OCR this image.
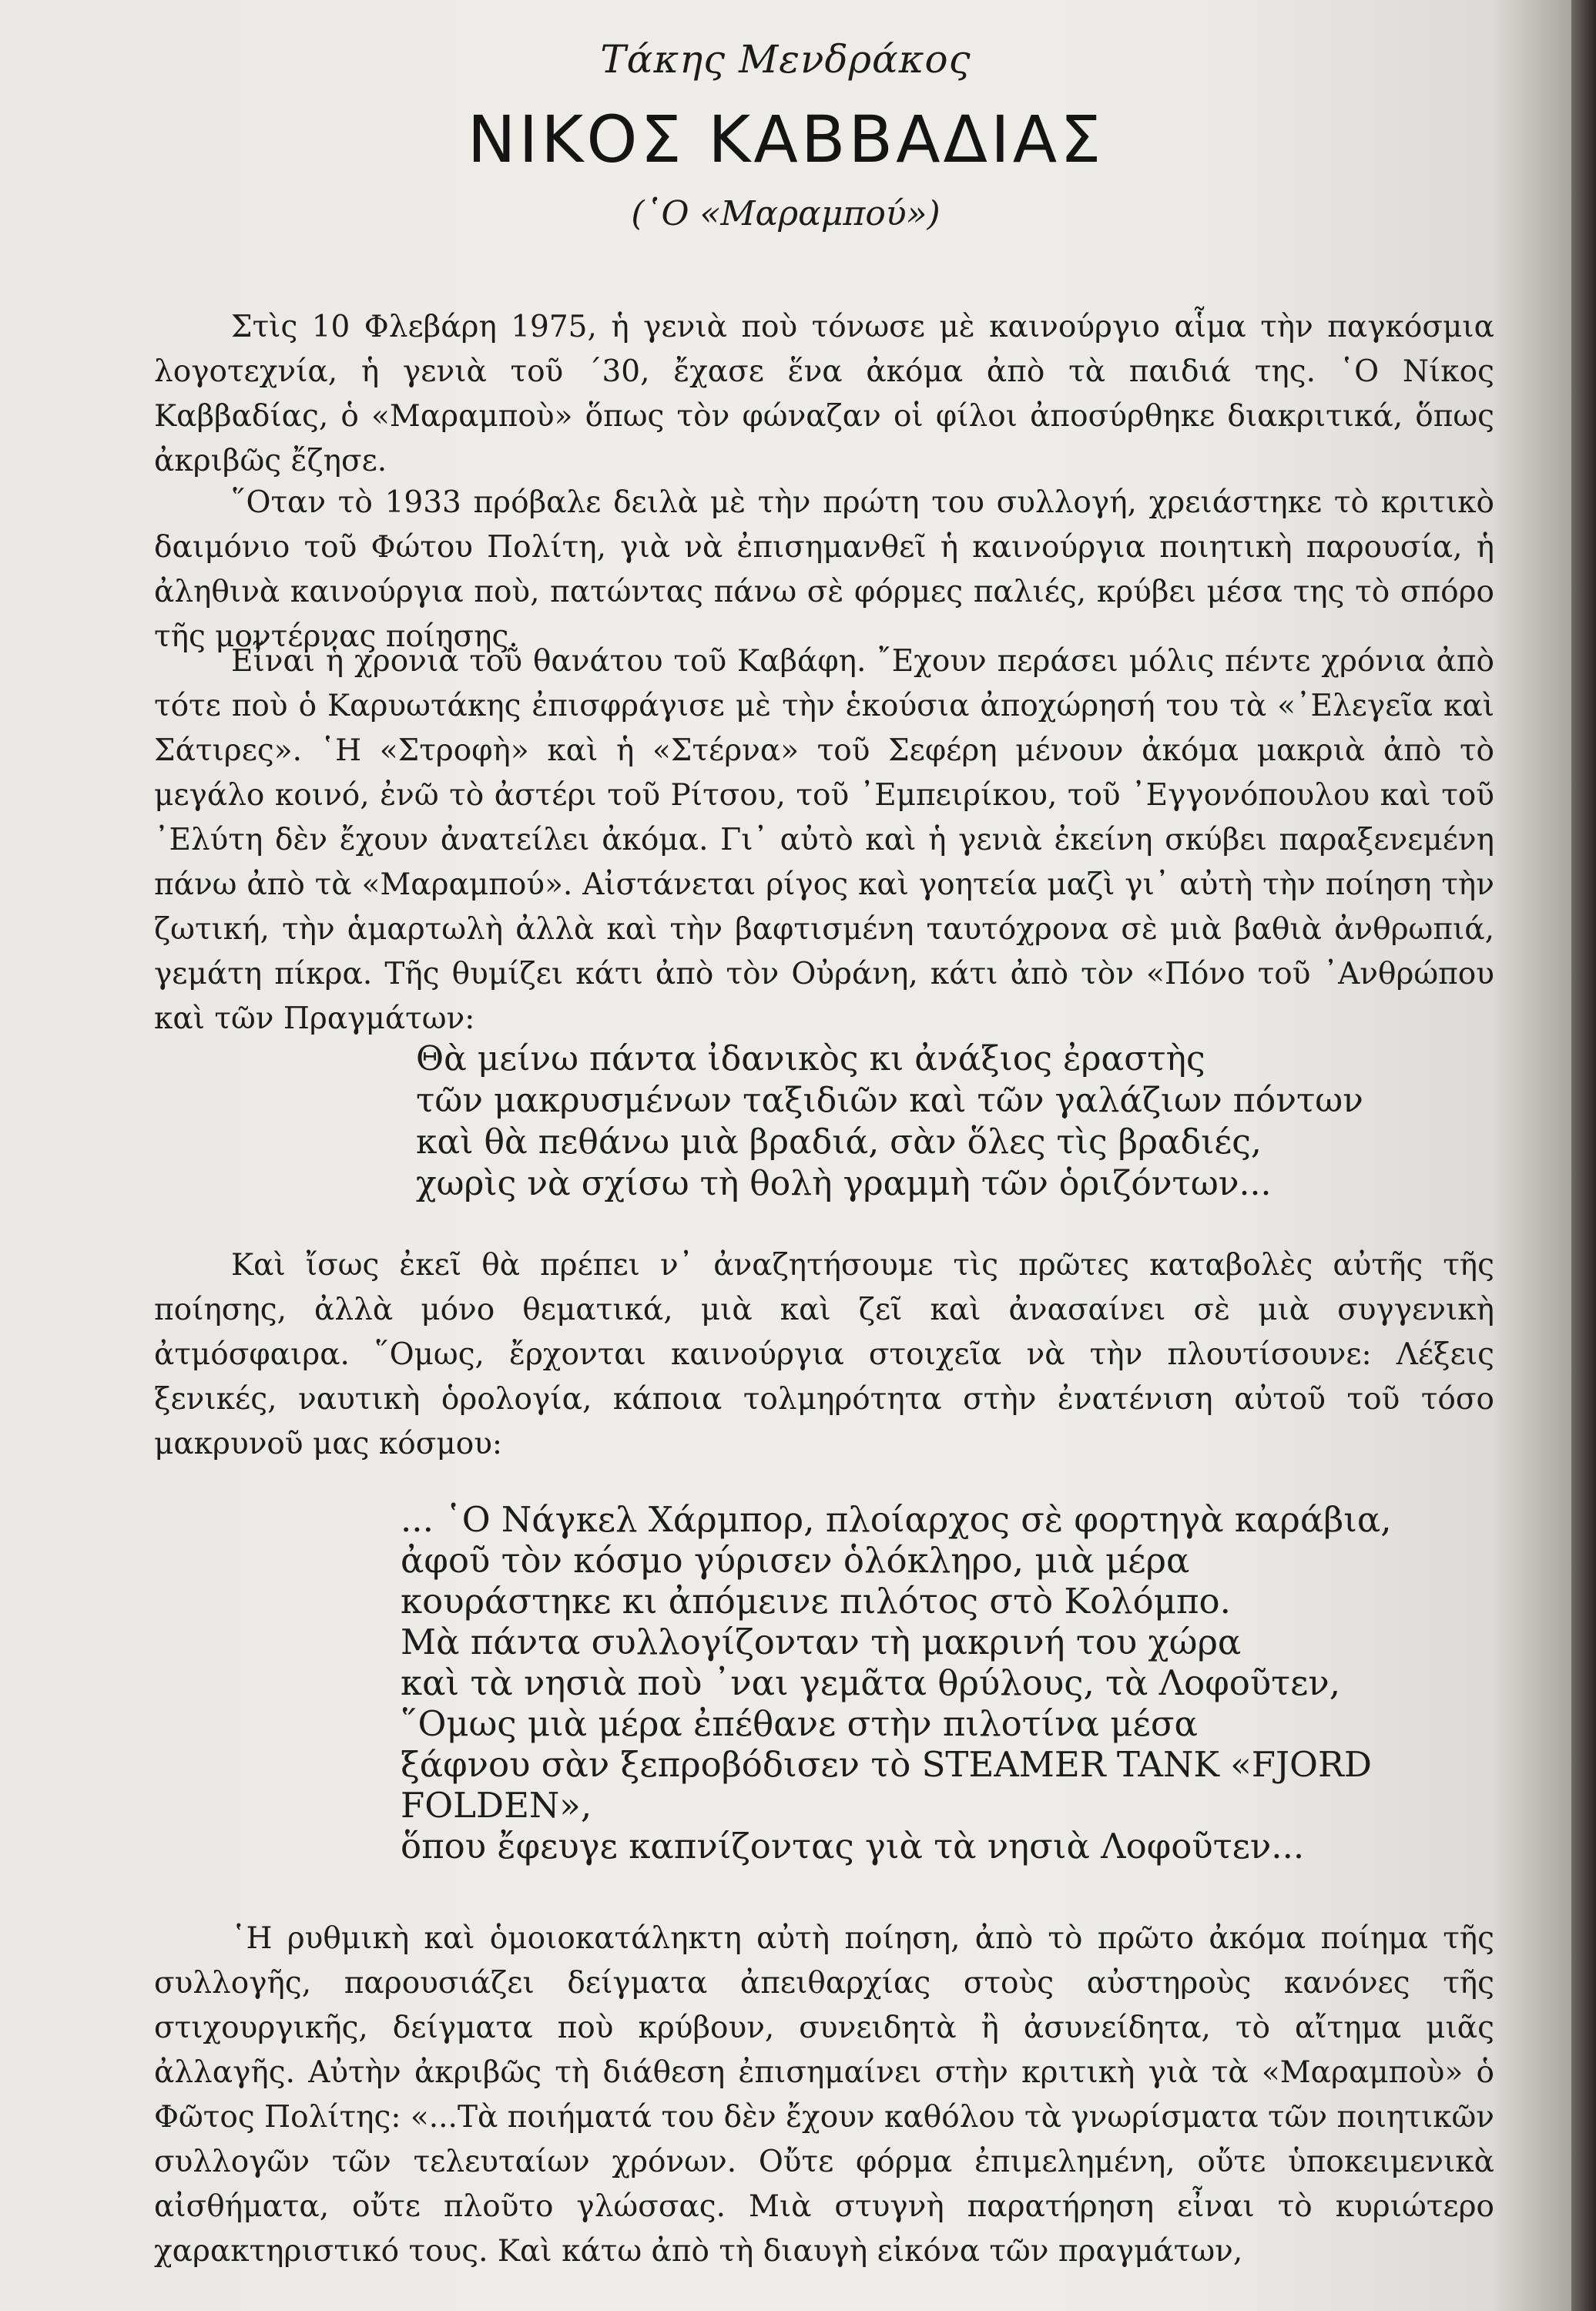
Τάκης Μενδράκος
ΝΙΚΟΣ ΚΑΒΒΑΔΙΑΣ
(῾Ο «Μαραμπού»)

Στὶς 10 Φλεβάρη 1975, ἡ γενιὰ ποὺ τόνωσε μὲ καινούργιο αἷμα τὴν παγκόσμια λογοτεχνία, ἡ γενιὰ τοῦ ΄30, ἔχασε ἕνα ἀκόμα ἀπὸ τὰ παιδιά της. ῾Ο Νίκος Καββαδίας, ὁ «Μαραμποὺ» ὅπως τὸν φώναζαν οἱ φίλοι ἀποσύρθηκε διακριτικά, ὅπως ἀκριβῶς ἔζησε.

῞Οταν τὸ 1933 πρόβαλε δειλὰ μὲ τὴν πρώτη του συλλογή, χρειάστηκε τὸ κριτικὸ δαιμόνιο τοῦ Φώτου Πολίτη, γιὰ νὰ ἐπισημανθεῖ ἡ καινούργια ποιητικὴ παρουσία, ἡ ἀληθινὰ καινούργια ποὺ, πατώντας πάνω σὲ φόρμες παλιές, κρύβει μέσα της τὸ σπόρο τῆς μοντέρνας ποίησης.

Εἶναι ἡ χρονιὰ τοῦ θανάτου τοῦ Καβάφη. ῎Εχουν περάσει μόλις πέντε χρόνια ἀπὸ τότε ποὺ ὁ Καρυωτάκης ἐπισφράγισε μὲ τὴν ἑκούσια ἀποχώρησή του τὰ «᾿Ελεγεῖα καὶ Σάτιρες». ῾Η «Στροφὴ» καὶ ἡ «Στέρνα» τοῦ Σεφέρη μένουν ἀκόμα μακριὰ ἀπὸ τὸ μεγάλο κοινό, ἐνῶ τὸ ἀστέρι τοῦ Ρίτσου, τοῦ ᾿Εμπειρίκου, τοῦ ᾿Εγγονόπουλου καὶ τοῦ ᾿Ελύτη δὲν ἔχουν ἀνατείλει ἀκόμα. Γι᾿ αὐτὸ καὶ ἡ γενιὰ ἐκείνη σκύβει παραξενεμένη πάνω ἀπὸ τὰ «Μαραμπού». Αἰστάνεται ρίγος καὶ γοητεία μαζὶ γι᾿ αὐτὴ τὴν ποίηση τὴν ζωτική, τὴν ἁμαρτωλὴ ἀλλὰ καὶ τὴν βαφτισμένη ταυτόχρονα σὲ μιὰ βαθιὰ ἀνθρωπιά, γεμάτη πίκρα. Τῆς θυμίζει κάτι ἀπὸ τὸν Οὐράνη, κάτι ἀπὸ τὸν «Πόνο τοῦ ᾿Ανθρώπου καὶ τῶν Πραγμάτων:

Θὰ μείνω πάντα ἰδανικὸς κι ἀνάξιος ἐραστὴς
τῶν μακρυσμένων ταξιδιῶν καὶ τῶν γαλάζιων πόντων
καὶ θὰ πεθάνω μιὰ βραδιά, σὰν ὅλες τὶς βραδιές,
χωρὶς νὰ σχίσω τὴ θολὴ γραμμὴ τῶν ὁριζόντων...

Καὶ ἴσως ἐκεῖ θὰ πρέπει ν᾿ ἀναζητήσουμε τὶς πρῶτες καταβολὲς αὐτῆς τῆς ποίησης, ἀλλὰ μόνο θεματικά, μιὰ καὶ ζεῖ καὶ ἀνασαίνει σὲ μιὰ συγγενικὴ ἀτμόσφαιρα. ῞Ομως, ἔρχονται καινούργια στοιχεῖα νὰ τὴν πλουτίσουνε: Λέξεις ξενικές, ναυτικὴ ὁρολογία, κάποια τολμηρότητα στὴν ἐνατένιση αὐτοῦ τοῦ τόσο μακρυνοῦ μας κόσμου:

... ῾Ο Νάγκελ Χάρμπορ, πλοίαρχος σὲ φορτηγὰ καράβια,
ἀφοῦ τὸν κόσμο γύρισεν ὁλόκληρο, μιὰ μέρα
κουράστηκε κι ἀπόμεινε πιλότος στὸ Κολόμπο.
Μὰ πάντα συλλογίζονταν τὴ μακρινή του χώρα
καὶ τὰ νησιὰ ποὺ ᾿ναι γεμᾶτα θρύλους, τὰ Λοφοῦτεν,
῞Ομως μιὰ μέρα ἐπέθανε στὴν πιλοτίνα μέσα
ξάφνου σὰν ξεπροβόδισεν τὸ STEAMER TANK «FJORD
FOLDEN»,
ὅπου ἔφευγε καπνίζοντας γιὰ τὰ νησιὰ Λοφοῦτεν...

῾Η ρυθμικὴ καὶ ὁμοιοκατάληκτη αὐτὴ ποίηση, ἀπὸ τὸ πρῶτο ἀκόμα ποίημα τῆς συλλογῆς, παρουσιάζει δείγματα ἀπειθαρχίας στοὺς αὐστηροὺς κανόνες τῆς στιχουργικῆς, δείγματα ποὺ κρύβουν, συνειδητὰ ἢ ἀσυνείδητα, τὸ αἴτημα μιᾶς ἀλλαγῆς. Αὐτὴν ἀκριβῶς τὴ διάθεση ἐπισημαίνει στὴν κριτικὴ γιὰ τὰ «Μαραμποὺ» ὁ Φῶτος Πολίτης: «...Τὰ ποιήματά του δὲν ἔχουν καθόλου τὰ γνωρίσματα τῶν ποιητικῶν συλλογῶν τῶν τελευταίων χρόνων. Οὔτε φόρμα ἐπιμελημένη, οὔτε ὑποκειμενικὰ αἰσθήματα, οὔτε πλοῦτο γλώσσας. Μιὰ στυγνὴ παρατήρηση εἶναι τὸ κυριώτερο χαρακτηριστικό τους. Καὶ κάτω ἀπὸ τὴ διαυγὴ εἰκόνα τῶν πραγμάτων,
